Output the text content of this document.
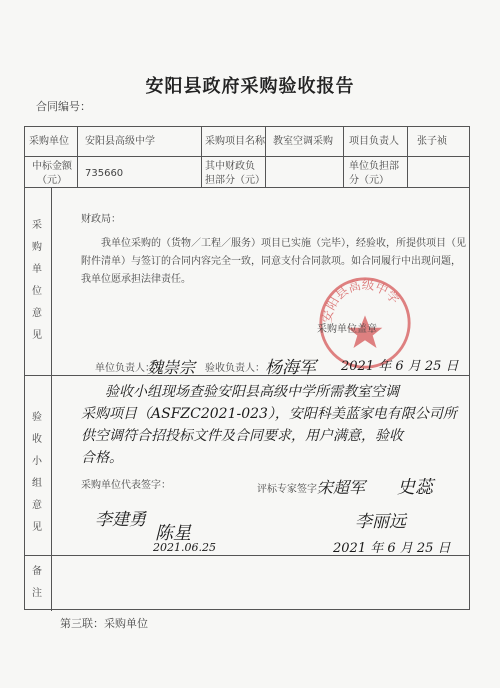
安阳县政府采购验收报告
合同编号：
采购单位 安阳县高级中学	采购项目名称 教室空调采购 项目负责人 张子祯
中标金额（元）
735660
其中财政负担部分（元）
单位负担部分（元）
采
购
单
位
意
见
验
收
小
组
意
见
备
注
财政局：

我单位采购的（货物／工程／服务）项目已实施（完毕），经验收，所提供项目（见附件清单）与签订的合同内容完全一致，同意支付合同款项。如合同履行中出现问题，我单位愿承担法律责任。

安阳县高级中学
采购单位盖章
单位负责人：
魏崇宗 验收负责人： 杨海军 2021 年 6 月 25 日
验收小组现场查验安阳县高级中学所需教室空调
采购项目（ASFZC2021-023），安阳科美蓝家电有限公司所
供空调符合招投标文件及合同要求，用户满意，验收
合格。
采购单位代表签字：
李建勇
陈星
2021.06.25
评标专家签字：
宋超军 史蕊
李丽远
2021 年 6 月 25 日
第三联：采购单位
